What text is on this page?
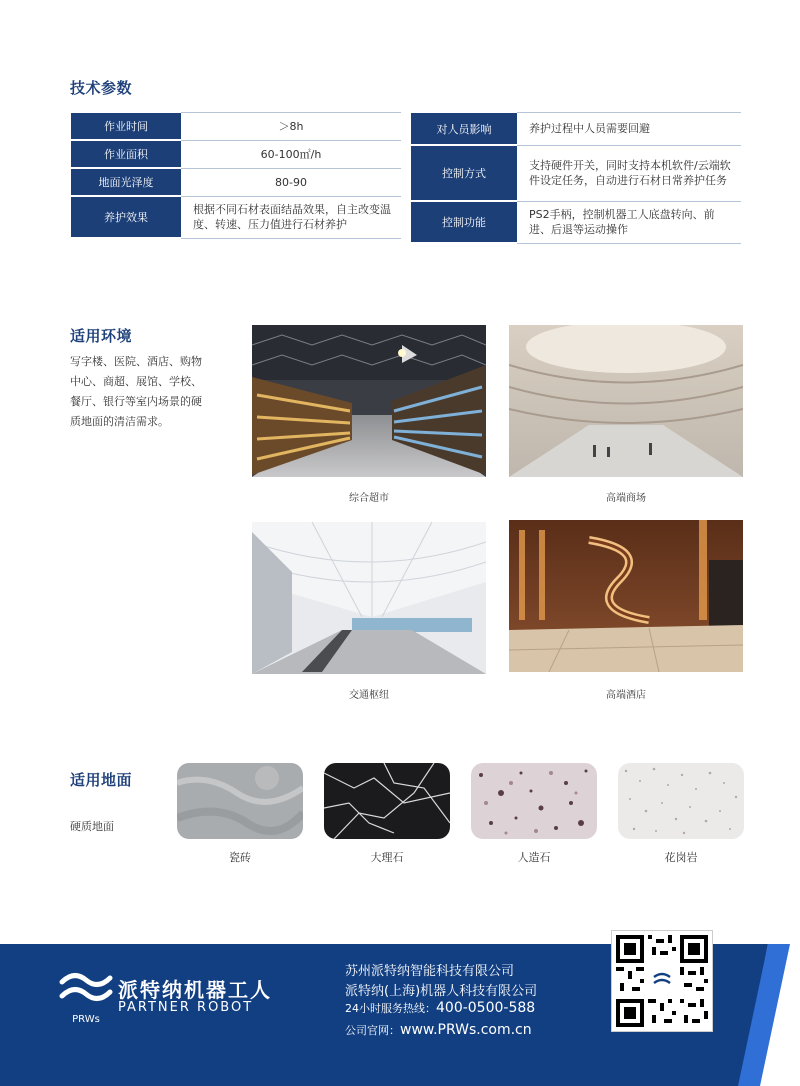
技术参数
作业时间	＞8h
作业面积	60-100㎡/h
地面光泽度	80-90
养护效果	根据不同石材表面结晶效果，自主改变温度、转速、压力值进行石材养护
对人员影响	养护过程中人员需要回避
控制方式	支持硬件开关，同时支持本机软件/云端软件设定任务，自动进行石材日常养护任务
控制功能	PS2手柄，控制机器工人底盘转向、前进、后退等运动操作
适用环境
写字楼、医院、酒店、购物中心、商超、展馆、学校、餐厅、银行等室内场景的硬质地面的清洁需求。
综合超市	高端商场
交通枢纽	高端酒店
适用地面
硬质地面
瓷砖	大理石	人造石	花岗岩
PRWs
派特纳机器工人
PARTNER ROBOT
苏州派特纳智能科技有限公司
派特纳(上海)机器人科技有限公司
24小时服务热线：400-0500-588
公司官网：www.PRWs.com.cn
